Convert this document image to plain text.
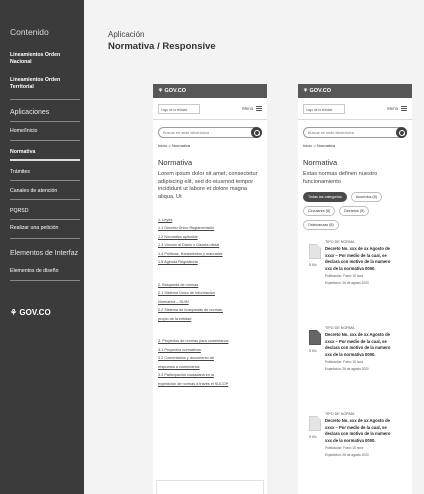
Contenido
Lineamientos Orden Nacional
Lineamientos Orden Territorial
Aplicaciones
Home/Inicio
Normativa
Trámites
Canales de atención
PQRSD
Realizar una petición
Elementos de Interfaz
Elementos de diseño
⚘ GOV.CO
Aplicación
Normativa / Responsive
⚘ GOV.CO
Logo de la entidad	Menú
Buscar en sede electrónica
Inicio > Normativa
Normativa
Lorem ipsum dolor sit amet, consectetur adipiscing elit, sed do eiusmod tempor incididunt ut labore et dolore magna aliqua. Ut
1. Leyes
1.1 Decreto Único Reglamentario
1.2 Normativa aplicable
1.3 Vínculo al Diario o Gaceta oficial
1.4 Políticas, lineamientos y manuales
1.5 Agenda Regulatoria
2. Búsqueda de normas
2.1 Sistema Único de Información
Normativa – SUIN
2.2 Sistema de búsquedas de normas,
propio de la entidad
3. Proyectos de normas para comentarios
3.1 Proyectos normativos
3.2 Comentarios y documento de
respuesta a comentarios
3.3 Participación ciudadana en la
expedición de normas a través el SUCOP
⚘ GOV.CO
Logo de la entidad	Menú
Buscar en sede electrónica
Inicio > Normativa
Normativa
Estas normas definen nuestro funcionamiento
Todas las categorías	Acuerdos (8)
Circulares (8)	Decretos (5)
Ordenanzas (8)
5 Kb
TIPO DE NORMA
Decreto No. xxx de xx Agosto de xxxx – Por medio de la cual, se declara con motivo de la numero xxx de la normativa 0000.
Publicación: Fuero 15 hora
Expedición: 26 de agosto 2020
5 Kb
TIPO DE NORMA
Decreto No. xxx de xx Agosto de xxxx – Por medio de la cual, se declara con motivo de la numero xxx de la normativa 0000.
Publicación: Fuero 15 hora
Expedición: 26 de agosto 2020
5 Kb
TIPO DE NORMA
Decreto No. xxx de xx Agosto de xxxx – Por medio de la cual, se declara con motivo de la numero xxx de la normativa 0000.
Publicación: Fuero 15 hora
Expedición: 26 de agosto 2020
